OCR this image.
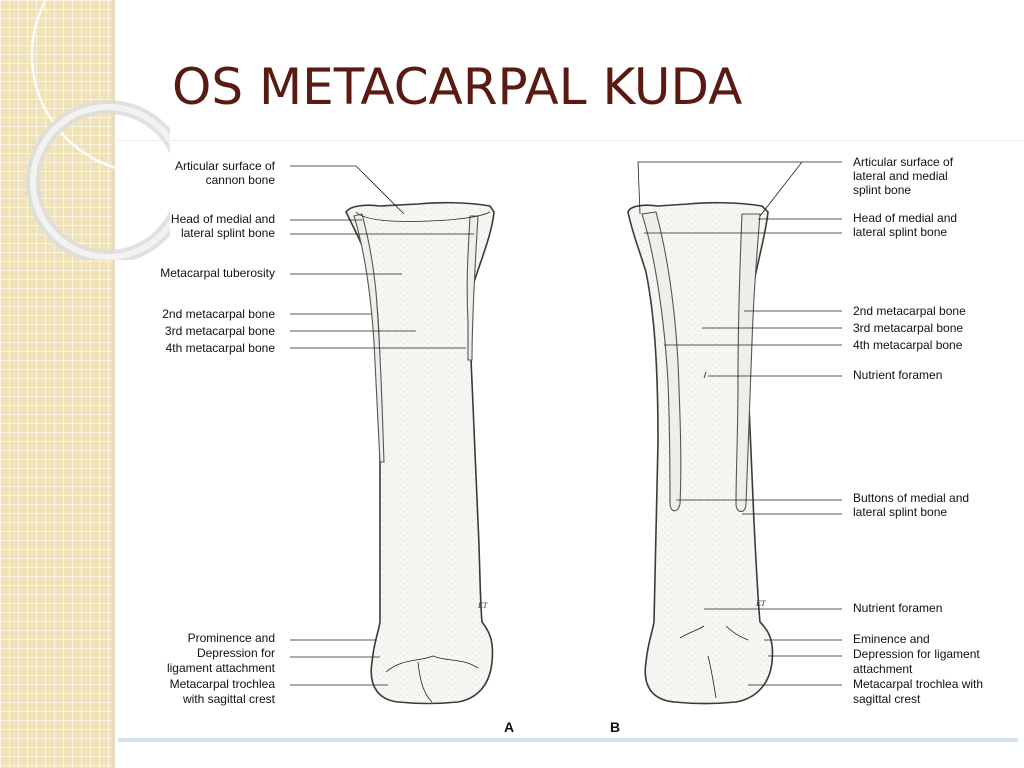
OS METACARPAL KUDA
ET	ET
Articular surface of cannon bone
Head of medial and lateral splint bone
Metacarpal tuberosity
2nd metacarpal bone
3rd metacarpal bone
4th metacarpal bone
Prominence and Depression for ligament attachment
Metacarpal trochlea with sagittal crest
A
Articular surface of lateral and medial splint bone
Head of medial and lateral splint bone
2nd metacarpal bone
3rd metacarpal bone
4th metacarpal bone
Nutrient foramen
Buttons of medial and lateral splint bone
Nutrient foramen
Eminence and Depression for ligament attachment
Metacarpal trochlea with sagittal crest
B
